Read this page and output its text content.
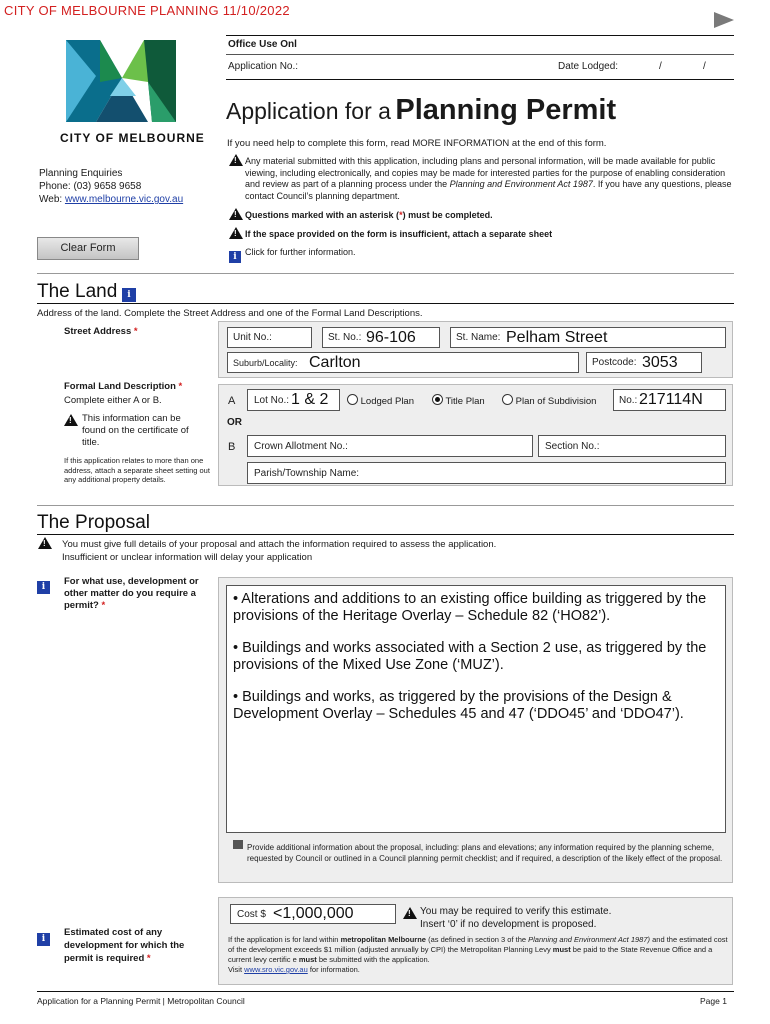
CITY OF MELBOURNE PLANNING 11/10/2022
CITY OF MELBOURNE
Office Use Onl
Application No.:	Date Lodged:	/	/
Application for a Planning Permit
If you need help to complete this form, read MORE INFORMATION at the end of this form.
!
Any material submitted with this application, including plans and personal information, will be made available for public viewing, including electronically, and copies may be made for interested parties for the purpose of enabling consideration and review as part of a planning process under the Planning and Environment Act 1987. If you have any questions, please contact Council’s planning department.
!
Questions marked with an asterisk (*) must be completed.
!
If the space provided on the form is insufficient, attach a separate sheet
i Click for further information.
Planning Enquiries
Phone: (03) 9658 9658
Web: www.melbourne.vic.gov.au
Clear Form
The Land	i
Address of the land. Complete the Street Address and one of the Formal Land Descriptions.
Street Address *
Unit No.:	St. No.: 96-106	St. Name: Pelham Street
Suburb/Locality: Carlton	Postcode: 3053
Formal Land Description *
Complete either A or B.
!
This information can be found on the certificate of title.
If this application relates to more than one address, attach a separate sheet setting out any additional property details.
A Lot No.: 1 & 2	Lodged Plan	Title Plan	Plan of Subdivision No.: 217114N
OR
B Crown Allotment No.:	Section No.:
Parish/Township Name:
The Proposal
!
You must give full details of your proposal and attach the information required to assess the application.
Insufficient or unclear information will delay your application
i	For what use, development or other matter do you require a permit? *	• Alterations and additions to an existing office building as triggered by the provisions of the Heritage Overlay – Schedule 82 (‘HO82’).
• Buildings and works associated with a Section 2 use, as triggered by the provisions of the Mixed Use Zone (‘MUZ’).
• Buildings and works, as triggered by the provisions of the Design & Development Overlay – Schedules 45 and 47 (‘DDO45’ and ‘DDO47’).
Provide additional information about the proposal, including: plans and elevations; any information required by the planning scheme, requested by Council or outlined in a Council planning permit checklist; and if required, a description of the likely effect of the proposal.
i
Estimated cost of any development for which the permit is required *
Cost $ <1,000,000
!	You may be required to verify this estimate.
Insert ‘0’ if no development is proposed.
If the application is for land within metropolitan Melbourne (as defined in section 3 of the Planning and Environment Act 1987) and the estimated cost of the development exceeds $1 million (adjusted annually by CPI) the Metropolitan Planning Levy must be paid to the State Revenue Office and a current levy certific e must be submitted with the application.
Visit www.sro.vic.gov.au for information.
Application for a Planning Permit | Metropolitan Council	Page 1
